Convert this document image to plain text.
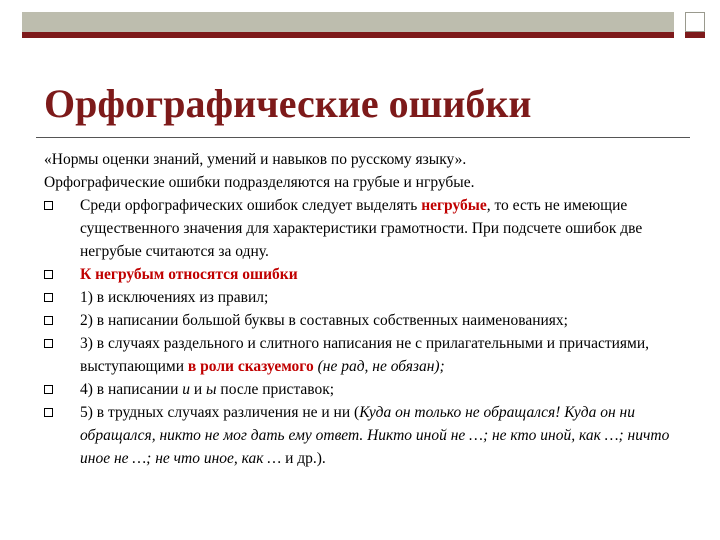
Орфографические ошибки

«Нормы оценки знаний, умений и навыков по русскому языку».

Орфографические ошибки подразделяются на грубые и нгрубые.

Среди орфографических ошибок следует выделять негрубые, то есть не имеющие существенного значения для характеристики грамотности. При подсчете ошибок две негрубые считаются за одну.
К негрубым относятся ошибки
1) в исключениях из правил;
2) в написании большой буквы в составных собственных наименованиях;
3) в случаях раздельного и слитного написания не с прилагательными и причастиями, выступающими в роли сказуемого (не рад, не обязан);
4) в написании и и ы после приставок;
5) в трудных случаях различения не и ни (Куда он только не обращался! Куда он ни обращался, никто не мог дать ему ответ. Никто иной не …; не кто иной, как …; ничто иное не …; не что иное, как … и др.).
